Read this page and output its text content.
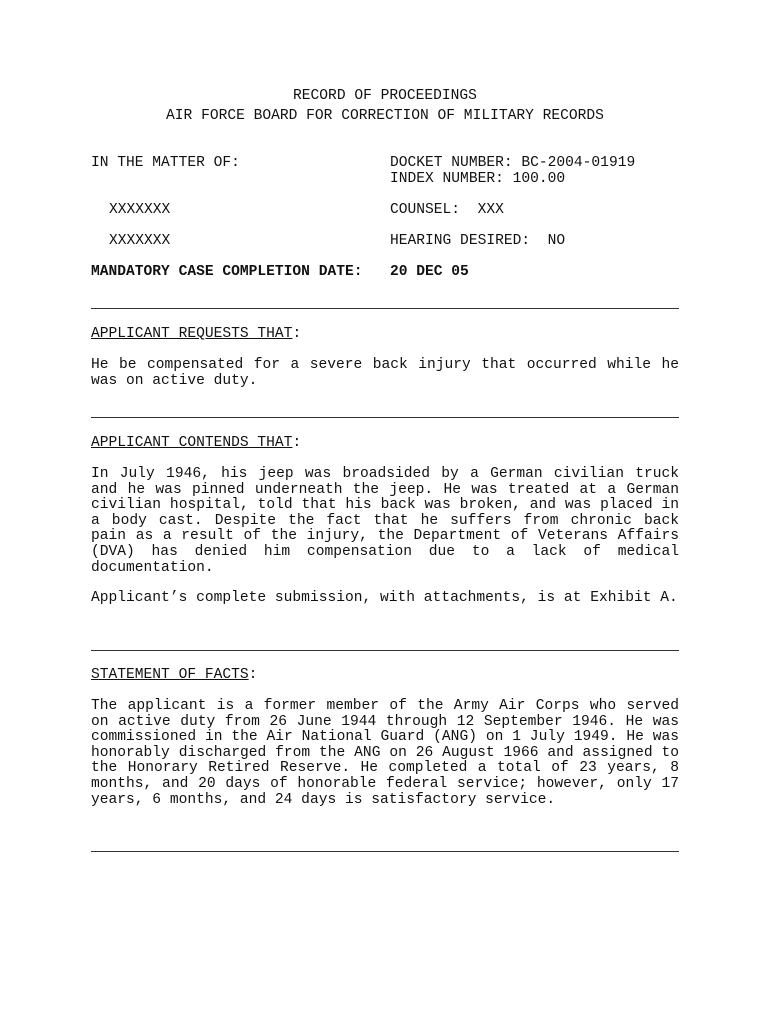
RECORD OF PROCEEDINGS
AIR FORCE BOARD FOR CORRECTION OF MILITARY RECORDS
IN THE MATTER OF:	DOCKET NUMBER: BC-2004-01919
INDEX NUMBER: 100.00
XXXXXXX	COUNSEL:  XXX
XXXXXXX	HEARING DESIRED:  NO
MANDATORY CASE COMPLETION DATE: 20 DEC 05
APPLICANT REQUESTS THAT:
He be compensated for a severe back injury that occurred while he was on active duty.
APPLICANT CONTENDS THAT:
In July 1946, his jeep was broadsided by a German civilian truck and he was pinned underneath the jeep. He was treated at a German civilian hospital, told that his back was broken, and was placed in a body cast. Despite the fact that he suffers from chronic back pain as a result of the injury, the Department of Veterans Affairs (DVA) has denied him compensation due to a lack of medical documentation.
Applicant’s complete submission, with attachments, is at Exhibit A.
STATEMENT OF FACTS:
The applicant is a former member of the Army Air Corps who served on active duty from 26 June 1944 through 12 September 1946. He was commissioned in the Air National Guard (ANG) on 1 July 1949. He was honorably discharged from the ANG on 26 August 1966 and assigned to the Honorary Retired Reserve. He completed a total of 23 years, 8 months, and 20 days of honorable federal service; however, only 17 years, 6 months, and 24 days is satisfactory service.
